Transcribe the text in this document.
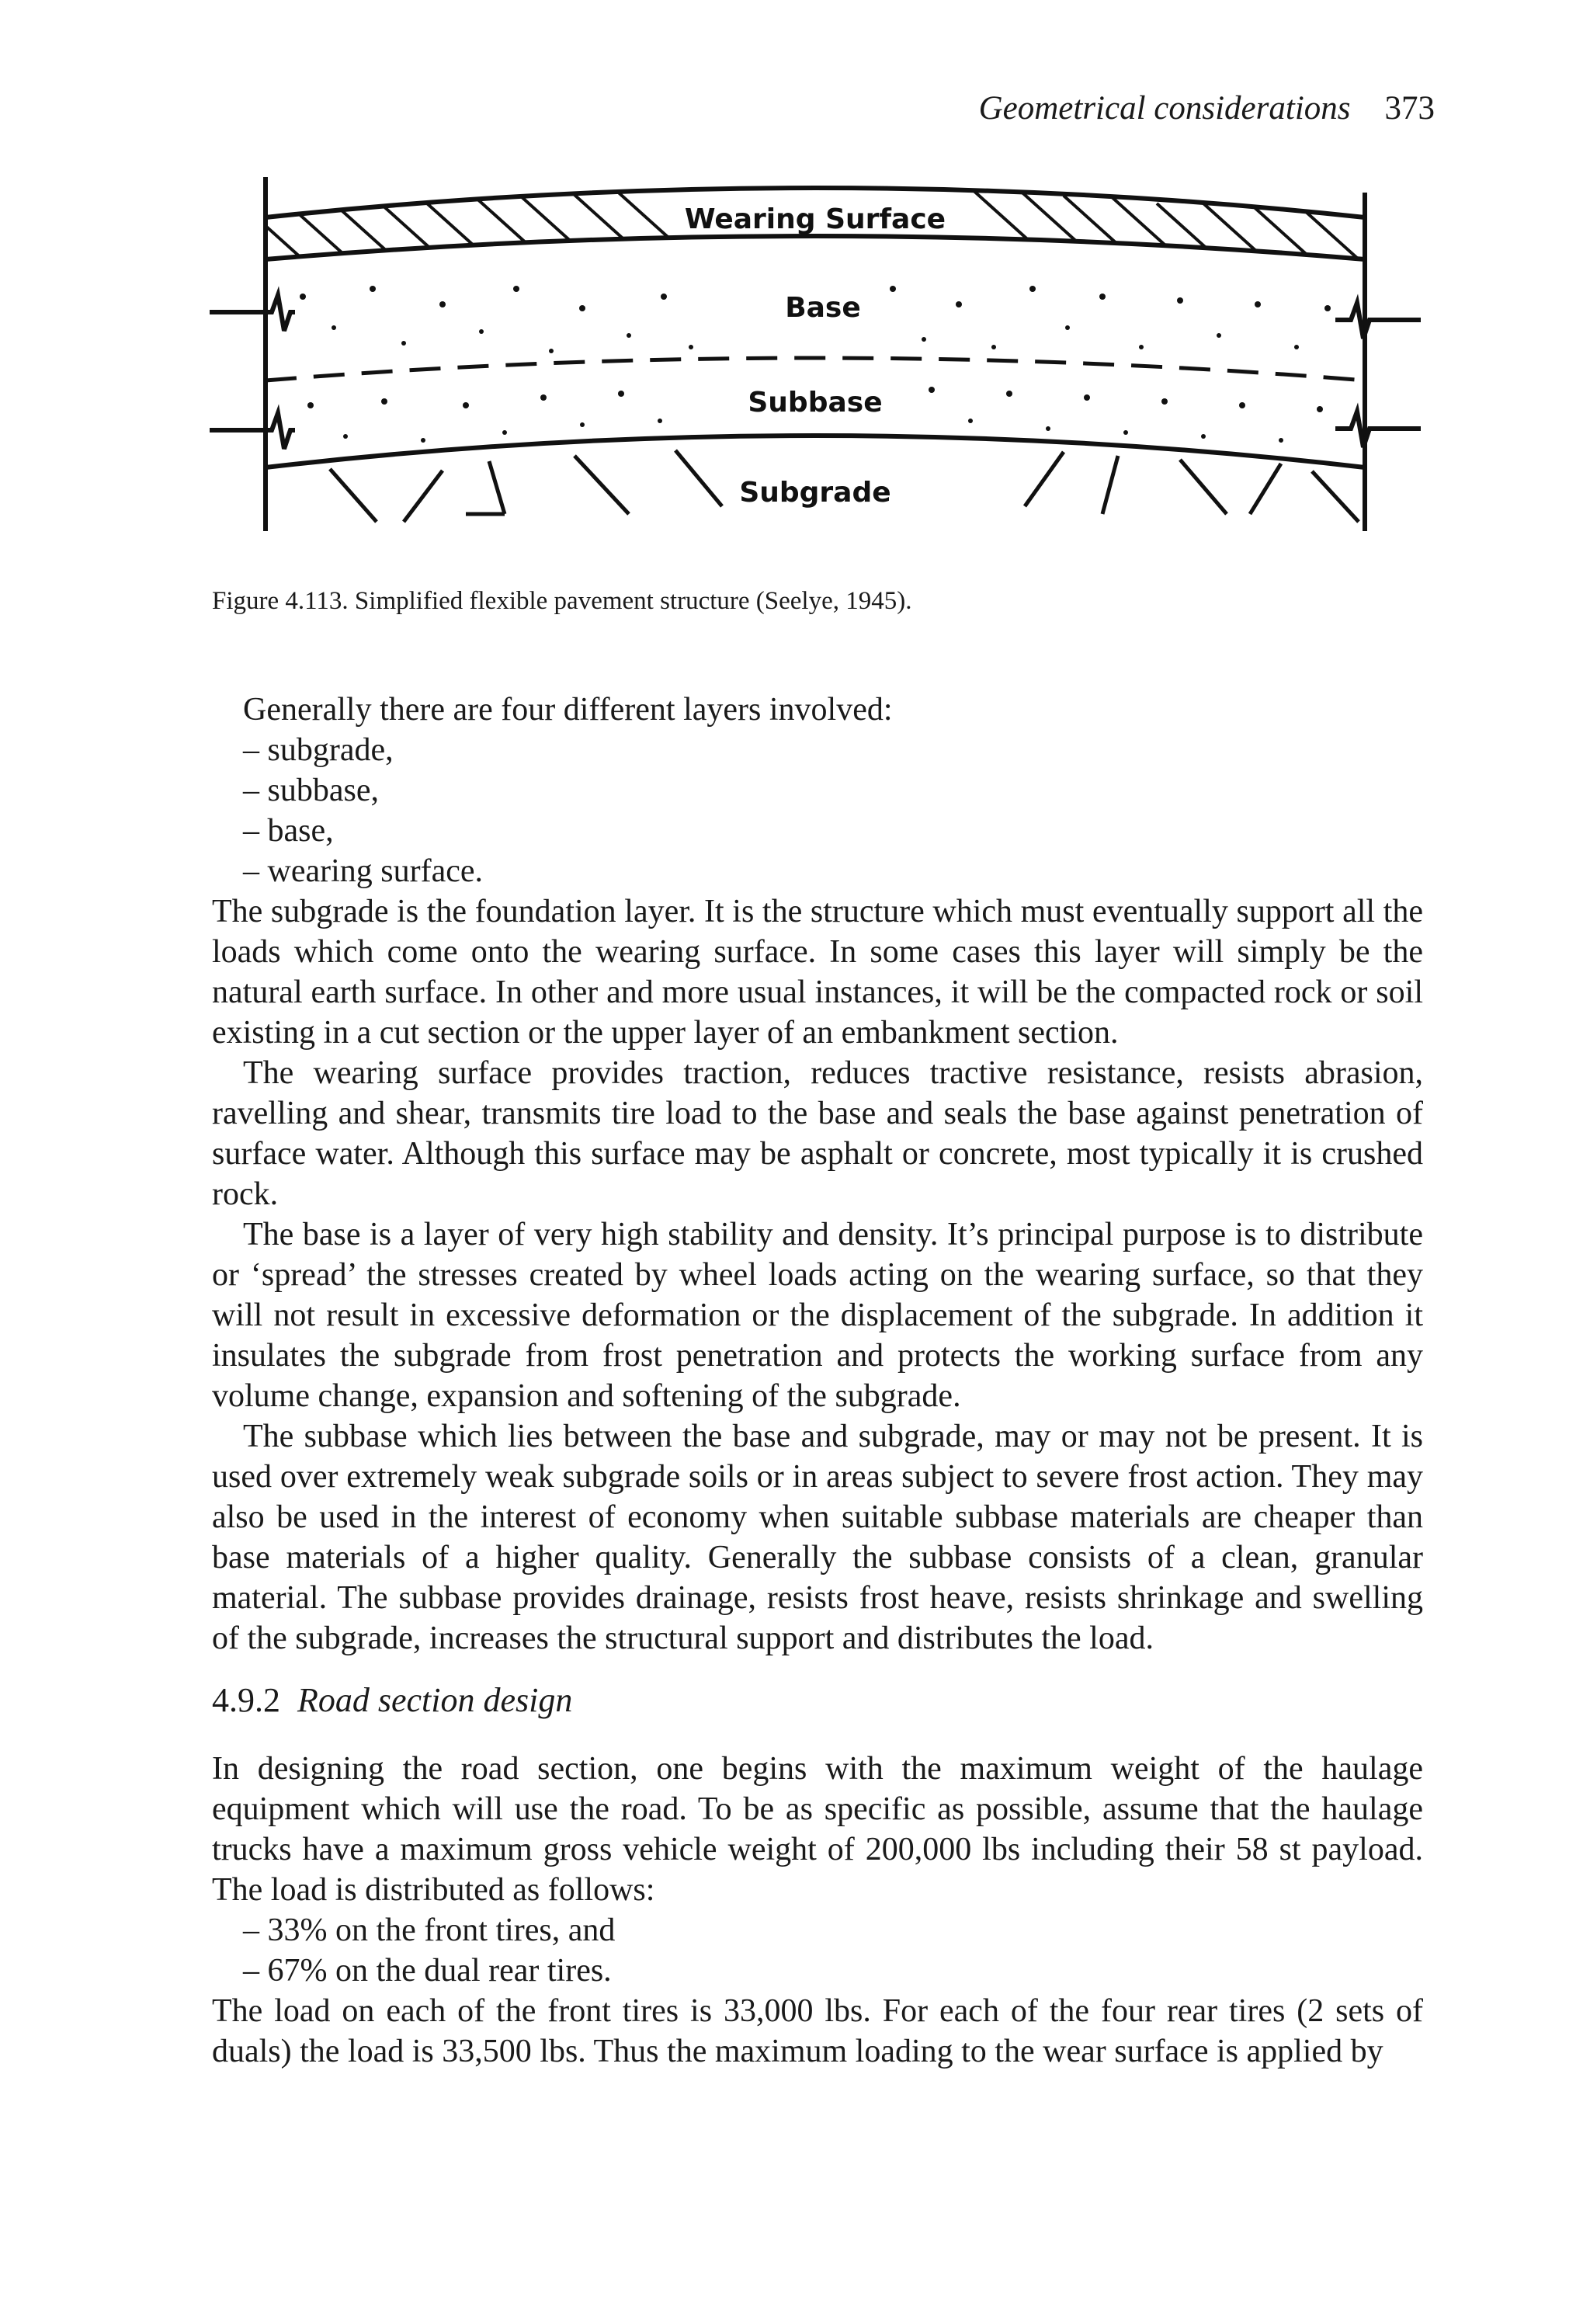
Geometrical considerations 373
Wearing Surface
Base
Subbase
Subgrade
Figure 4.113. Simplified flexible pavement structure (Seelye, 1945).

Generally there are four different layers involved:

– subgrade,

– subbase,

– base,

– wearing surface.

The subgrade is the foundation layer. It is the structure which must eventually support all the loads which come onto the wearing surface. In some cases this layer will simply be the natural earth surface. In other and more usual instances, it will be the compacted rock or soil existing in a cut section or the upper layer of an embankment section.

The wearing surface provides traction, reduces tractive resistance, resists abrasion, ravelling and shear, transmits tire load to the base and seals the base against penetration of surface water. Although this surface may be asphalt or concrete, most typically it is crushed rock.

The base is a layer of very high stability and density. It’s principal purpose is to distribute or ‘spread’ the stresses created by wheel loads acting on the wearing surface, so that they will not result in excessive deformation or the displacement of the subgrade. In addition it insulates the subgrade from frost penetration and protects the working surface from any volume change, expansion and softening of the subgrade.

The subbase which lies between the base and subgrade, may or may not be present. It is used over extremely weak subgrade soils or in areas subject to severe frost action. They may also be used in the interest of economy when suitable subbase materials are cheaper than base materials of a higher quality. Generally the subbase consists of a clean, granular material. The subbase provides drainage, resists frost heave, resists shrinkage and swelling of the subgrade, increases the structural support and distributes the load.

4.9.2 Road section design

In designing the road section, one begins with the maximum weight of the haulage equipment which will use the road. To be as specific as possible, assume that the haulage trucks have a maximum gross vehicle weight of 200,000 lbs including their 58 st payload. The load is distributed as follows:

– 33% on the front tires, and

– 67% on the dual rear tires.

The load on each of the front tires is 33,000 lbs. For each of the four rear tires (2 sets of duals) the load is 33,500 lbs. Thus the maximum loading to the wear surface is applied by
